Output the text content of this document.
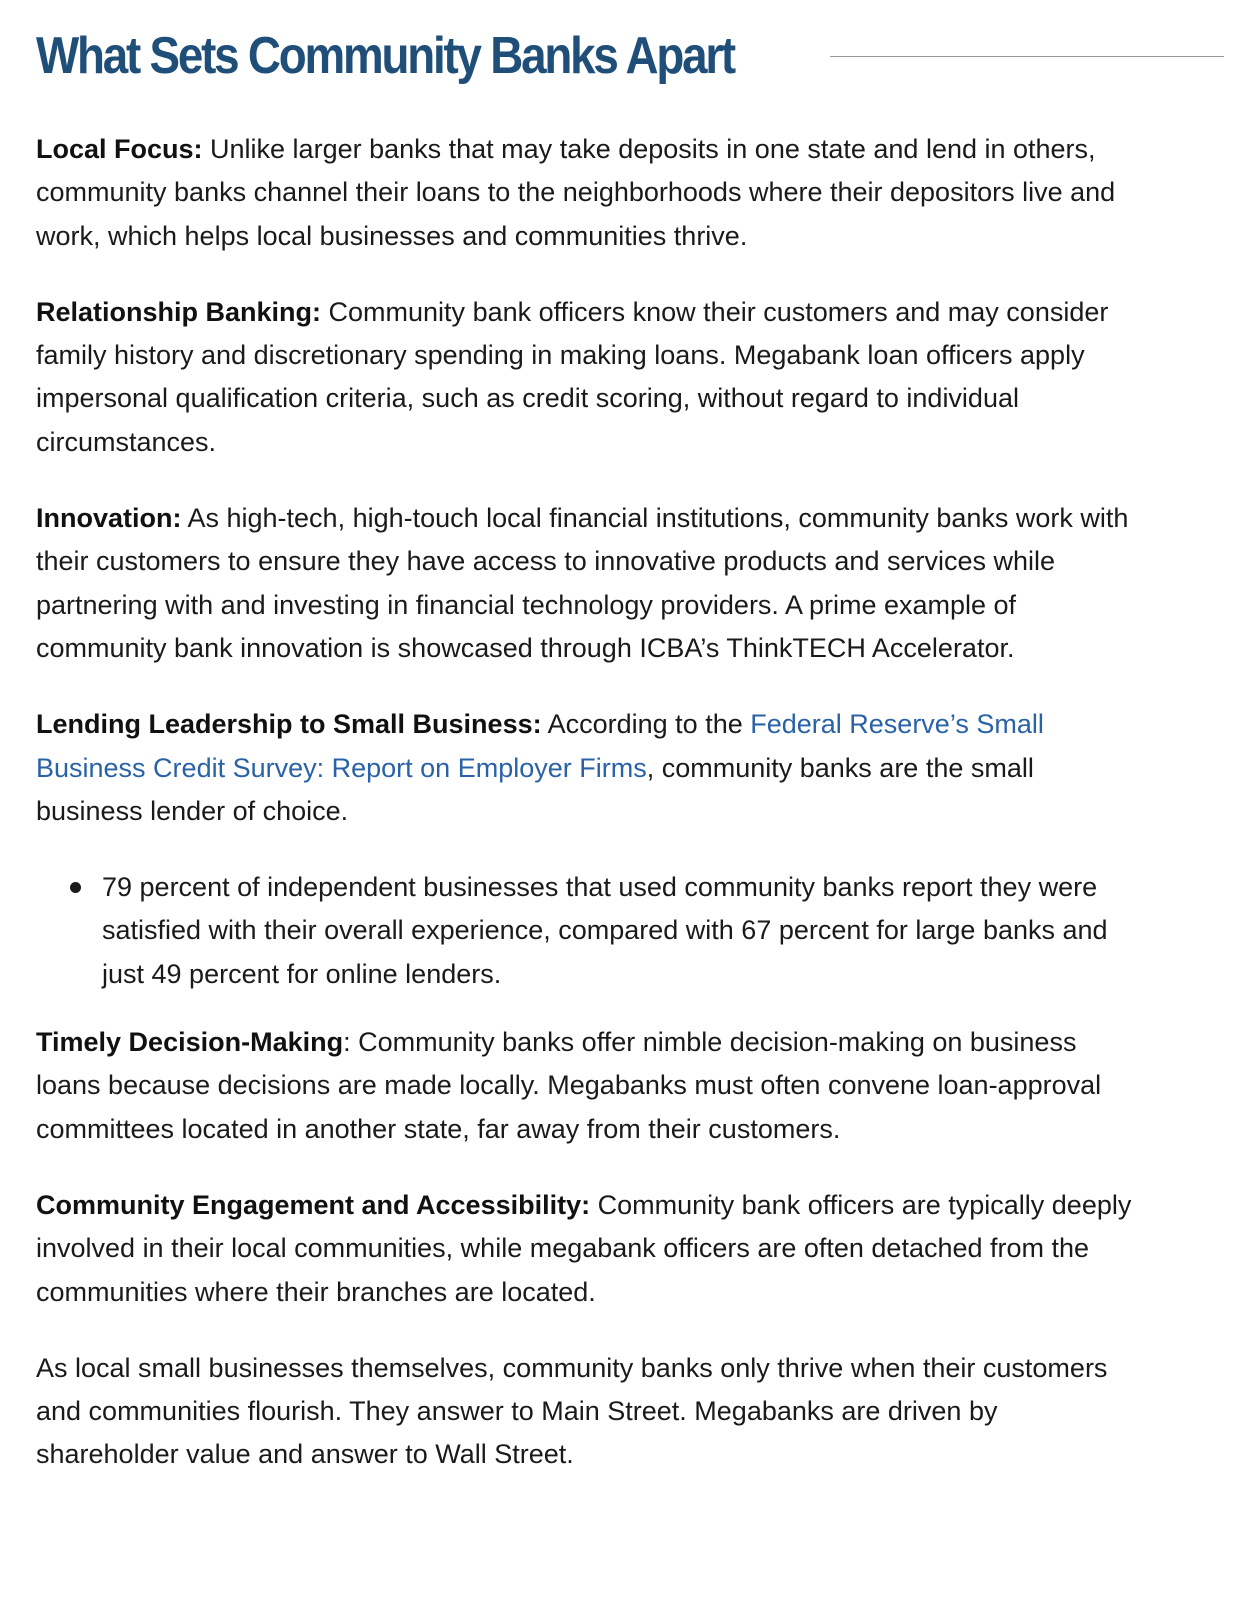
What Sets Community Banks Apart

Local Focus: Unlike larger banks that may take deposits in one state and lend in others, community banks channel their loans to the neighborhoods where their depositors live and work, which helps local businesses and communities thrive.

Relationship Banking: Community bank officers know their customers and may consider family history and discretionary spending in making loans. Megabank loan officers apply impersonal qualification criteria, such as credit scoring, without regard to individual circumstances.

Innovation: As high-tech, high-touch local financial institutions, community banks work with their customers to ensure they have access to innovative products and services while partnering with and investing in financial technology providers. A prime example of community bank innovation is showcased through ICBA’s ThinkTECH Accelerator.

Lending Leadership to Small Business: According to the Federal Reserve’s Small Business Credit Survey: Report on Employer Firms, community banks are the small business lender of choice.

79 percent of independent businesses that used community banks report they were satisfied with their overall experience, compared with 67 percent for large banks and just 49 percent for online lenders.

Timely Decision-Making: Community banks offer nimble decision-making on business loans because decisions are made locally. Megabanks must often convene loan-approval committees located in another state, far away from their customers.

Community Engagement and Accessibility: Community bank officers are typically deeply involved in their local communities, while megabank officers are often detached from the communities where their branches are located.

As local small businesses themselves, community banks only thrive when their customers and communities flourish. They answer to Main Street. Megabanks are driven by shareholder value and answer to Wall Street.
